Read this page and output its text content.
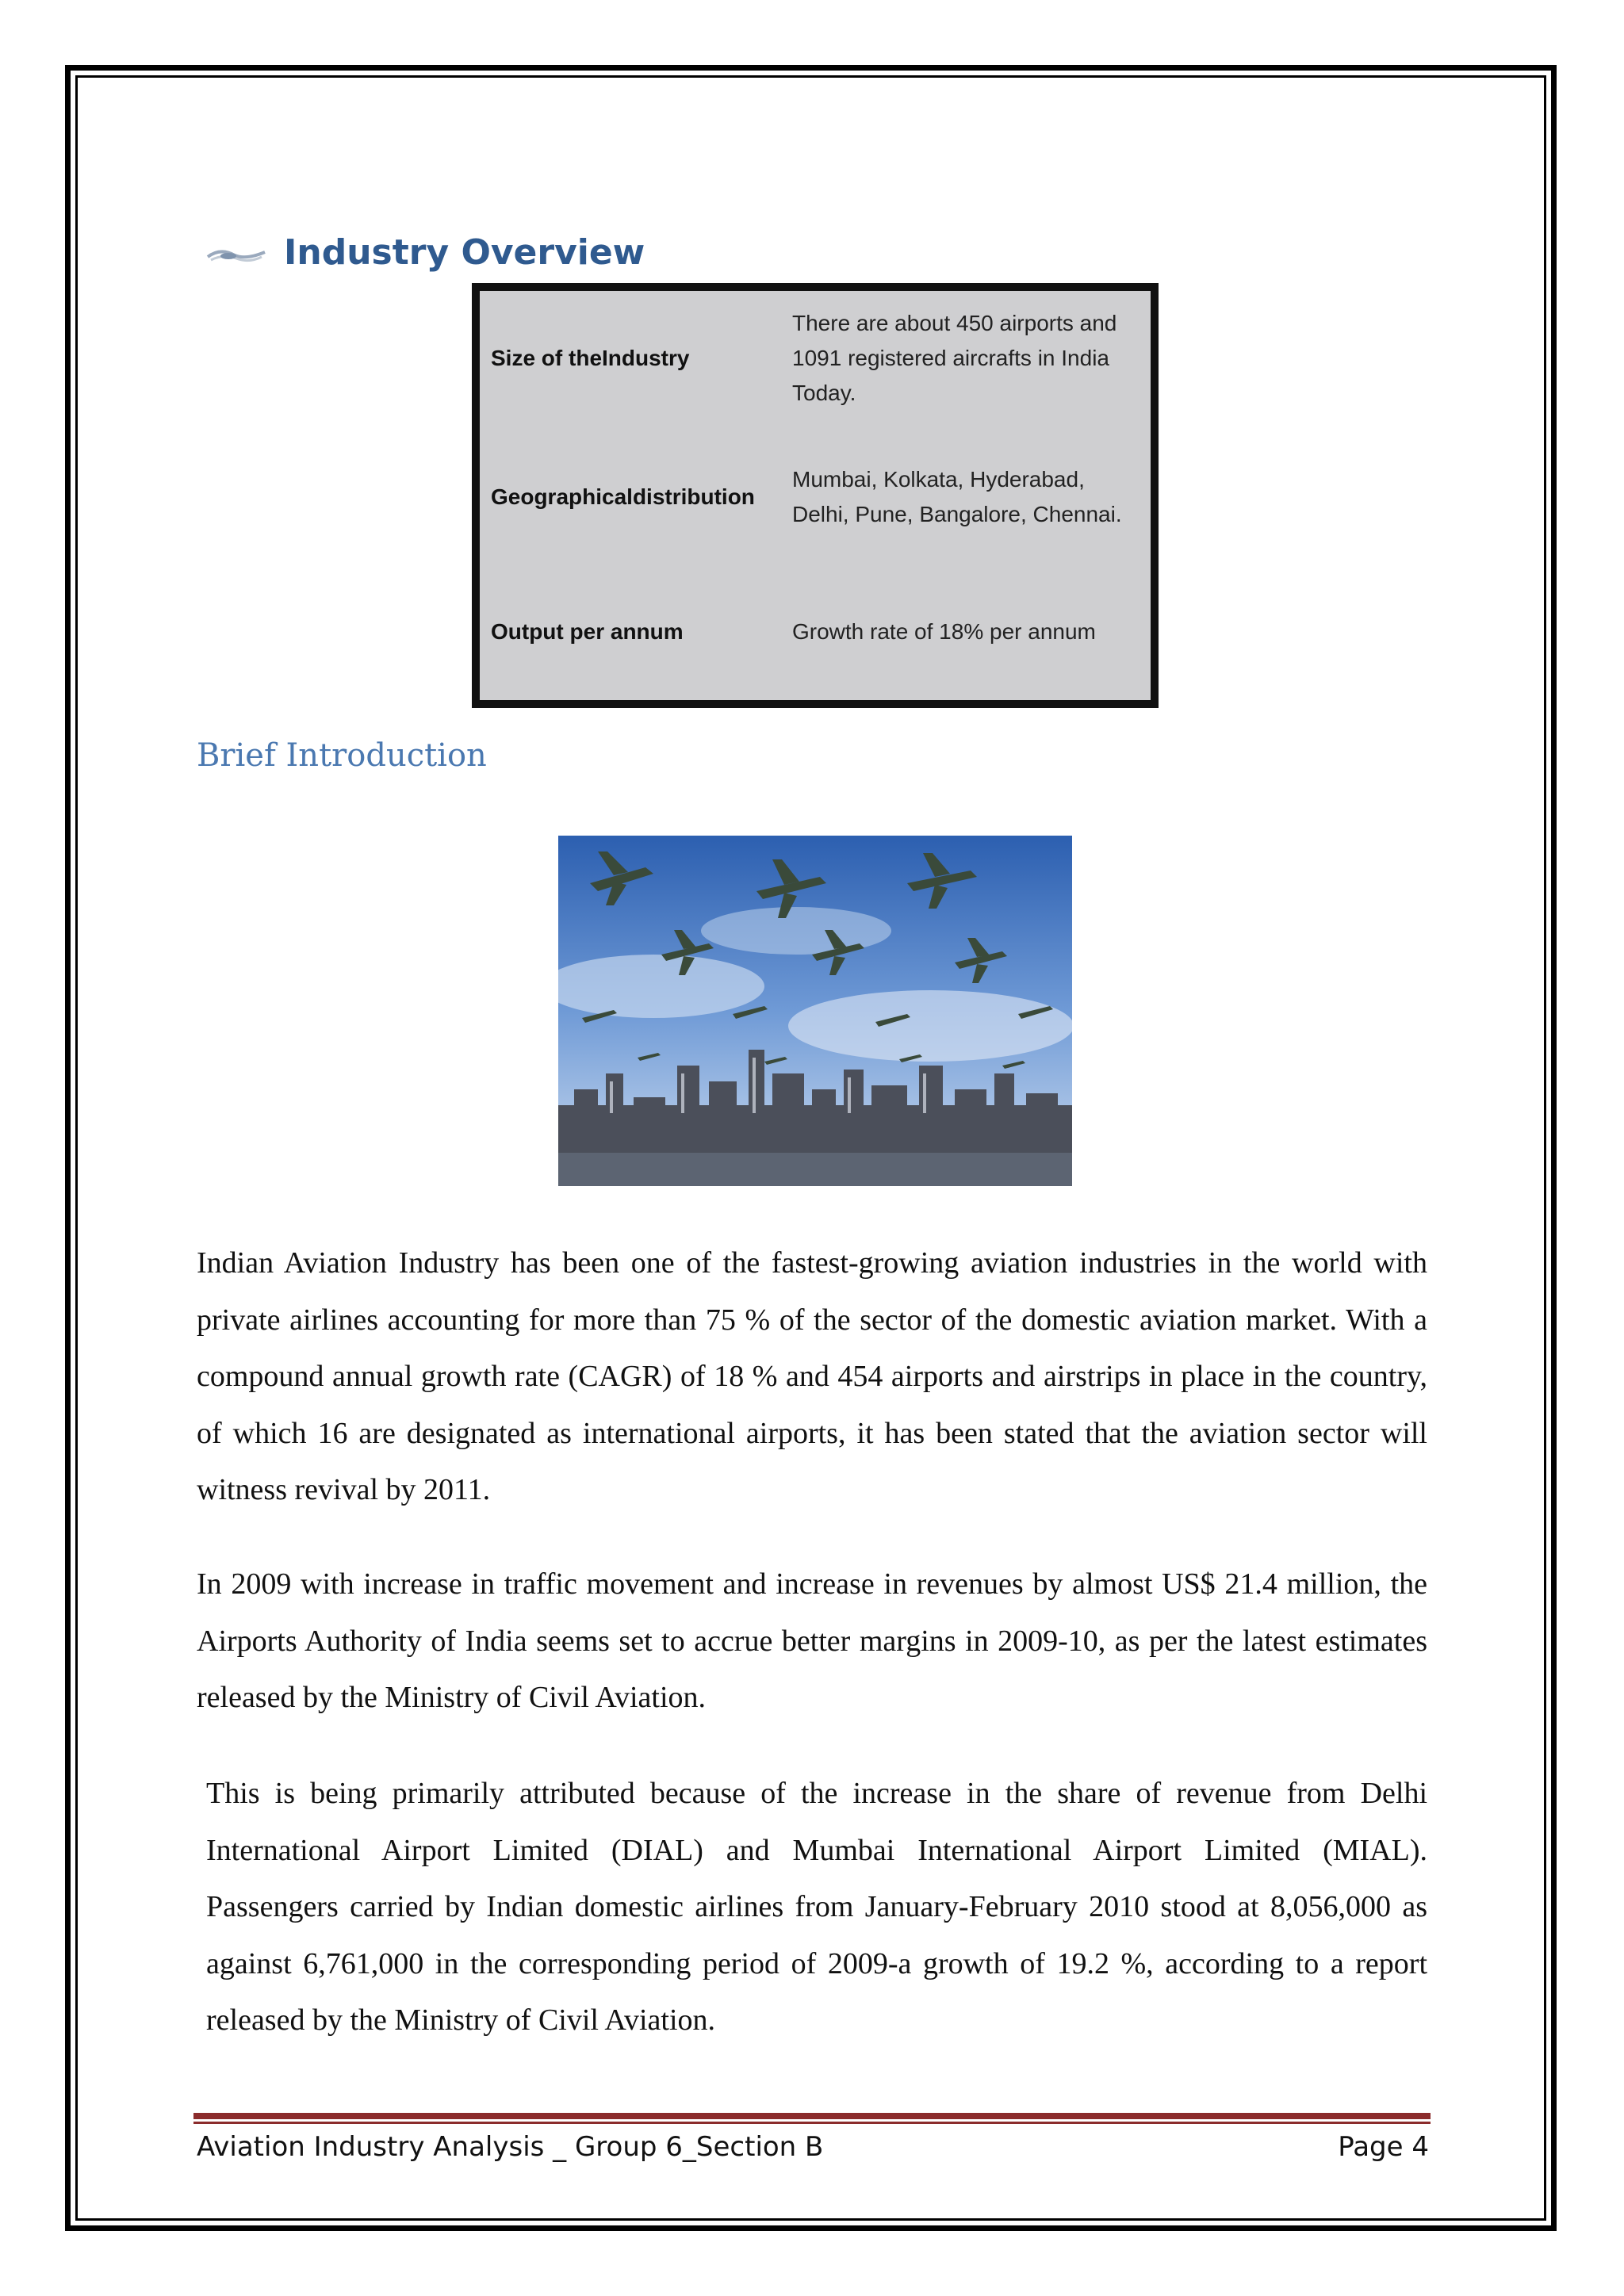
Industry Overview
Size of theIndustry
There are about 450 airports and 1091 registered aircrafts in India Today.
Geographicaldistribution
Mumbai, Kolkata, Hyderabad, Delhi, Pune, Bangalore, Chennai.
Output per annum	Growth rate of 18% per annum
Brief Introduction

Indian Aviation Industry has been one of the fastest-growing aviation industries in the world with private airlines accounting for more than 75 % of the sector of the domestic aviation market. With a compound annual growth rate (CAGR) of 18 % and 454 airports and airstrips in place in the country, of which 16 are designated as international airports, it has been stated that the aviation sector will witness revival by 2011.

In 2009 with increase in traffic movement and increase in revenues by almost US$ 21.4 million, the Airports Authority of India seems set to accrue better margins in 2009-10, as per the latest estimates released by the Ministry of Civil Aviation.

This is being primarily attributed because of the increase in the share of revenue from Delhi International Airport Limited (DIAL) and Mumbai International Airport Limited (MIAL). Passengers carried by Indian domestic airlines from January-February 2010 stood at 8,056,000 as against 6,761,000 in the corresponding period of 2009-a growth of 19.2 %, according to a report released by the Ministry of Civil Aviation.

Aviation Industry Analysis _ Group 6_Section B	Page 4
